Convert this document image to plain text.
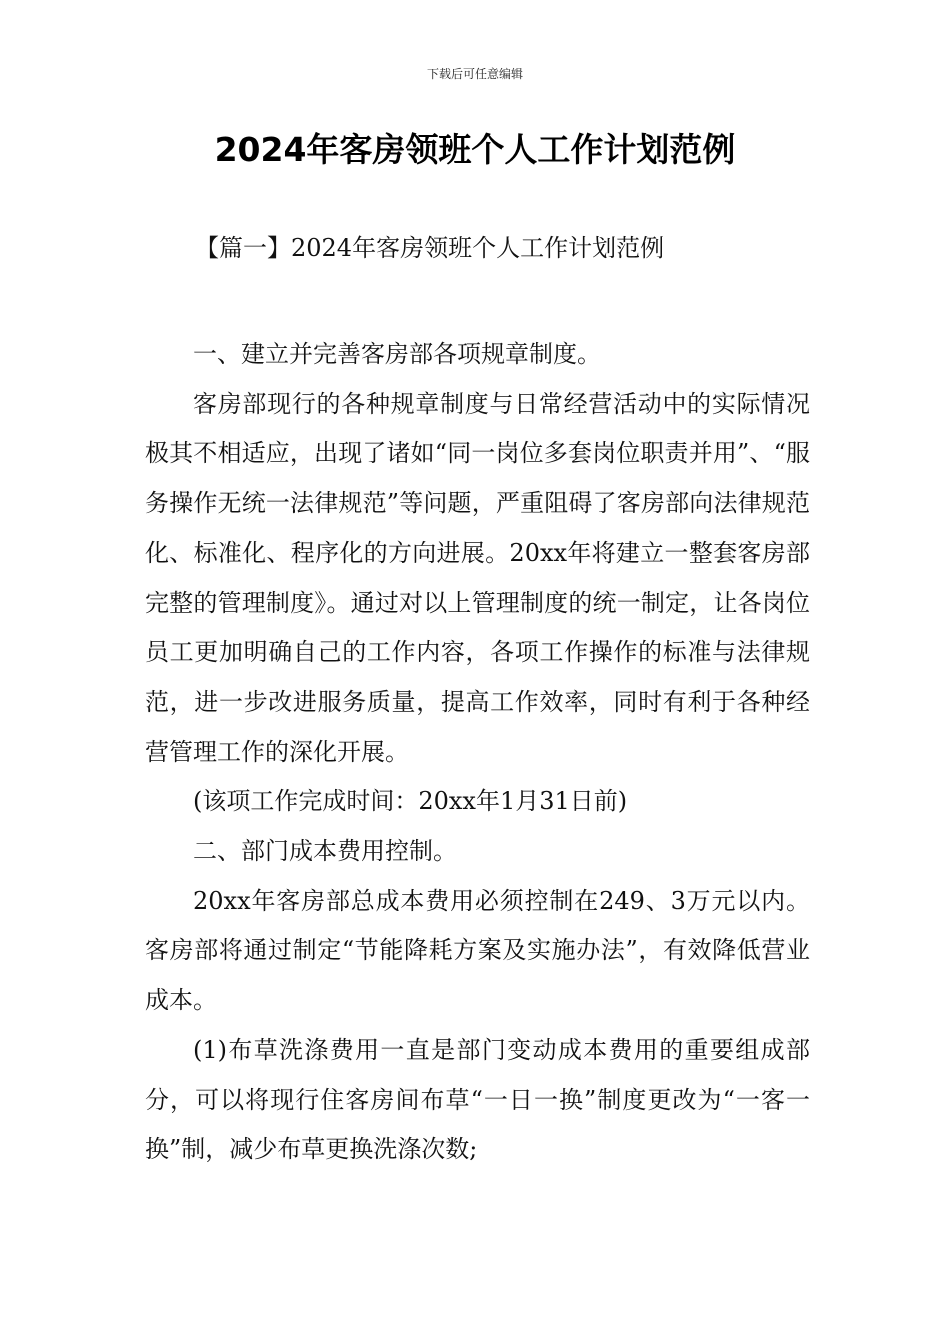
下载后可任意编辑
2024年客房领班个人工作计划范例
【篇一】2024年客房领班个人工作计划范例

一、建立并完善客房部各项规章制度。

客房部现行的各种规章制度与日常经营活动中的实际情况极其不相适应，出现了诸如“同一岗位多套岗位职责并用”、“服务操作无统一法律规范”等问题，严重阻碍了客房部向法律规范化、标准化、程序化的方向进展。20xx年将建立一整套客房部完整的管理制度》。通过对以上管理制度的统一制定，让各岗位员工更加明确自己的工作内容，各项工作操作的标准与法律规范，进一步改进服务质量，提高工作效率，同时有利于各种经营管理工作的深化开展。

(该项工作完成时间：20xx年1月31日前)

二、部门成本费用控制。

20xx年客房部总成本费用必须控制在249、3万元以内。客房部将通过制定“节能降耗方案及实施办法”，有效降低营业成本。

(1)布草洗涤费用一直是部门变动成本费用的重要组成部分，可以将现行住客房间布草“一日一换”制度更改为“一客一换”制，减少布草更换洗涤次数;
